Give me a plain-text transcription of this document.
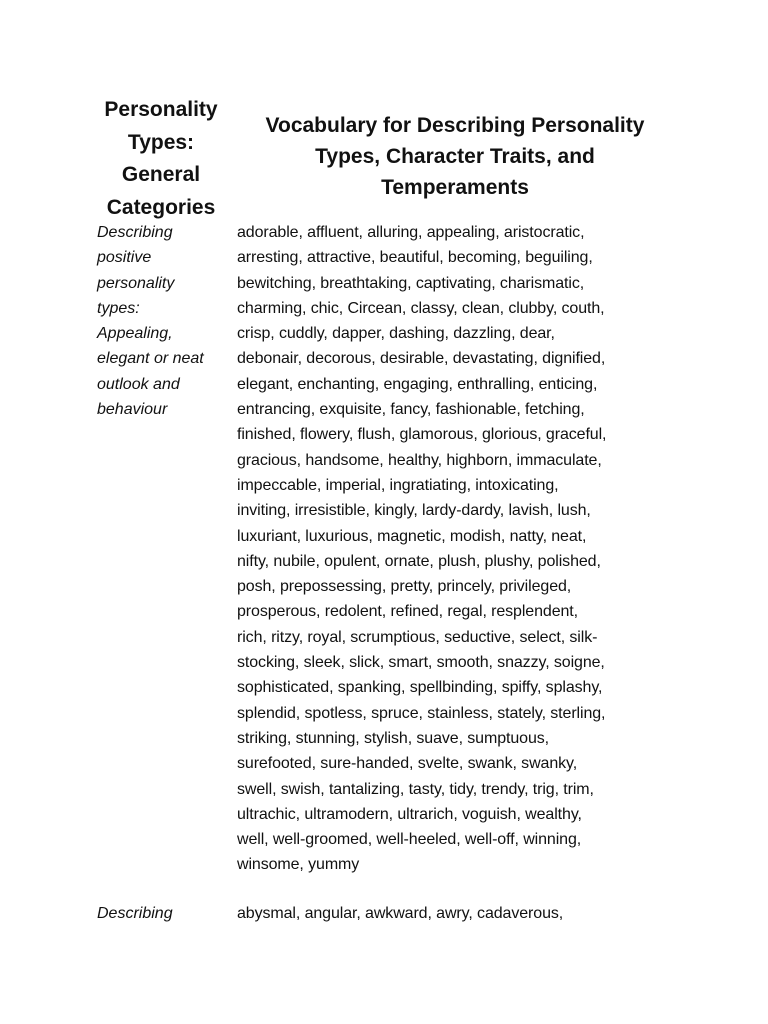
Personality Types: General Categories
Vocabulary for Describing Personality Types, Character Traits, and Temperaments
Describing
positive
personality
types:
Appealing,
elegant or neat
outlook and
behaviour
adorable, affluent, alluring, appealing, aristocratic,
arresting, attractive, beautiful, becoming, beguiling,
bewitching, breathtaking, captivating, charismatic,
charming, chic, Circean, classy, clean, clubby, couth,
crisp, cuddly, dapper, dashing, dazzling, dear,
debonair, decorous, desirable, devastating, dignified,
elegant, enchanting, engaging, enthralling, enticing,
entrancing, exquisite, fancy, fashionable, fetching,
finished, flowery, flush, glamorous, glorious, graceful,
gracious, handsome, healthy, highborn, immaculate,
impeccable, imperial, ingratiating, intoxicating,
inviting, irresistible, kingly, lardy-dardy, lavish, lush,
luxuriant, luxurious, magnetic, modish, natty, neat,
nifty, nubile, opulent, ornate, plush, plushy, polished,
posh, prepossessing, pretty, princely, privileged,
prosperous, redolent, refined, regal, resplendent,
rich, ritzy, royal, scrumptious, seductive, select, silk-
stocking, sleek, slick, smart, smooth, snazzy, soigne,
sophisticated, spanking, spellbinding, spiffy, splashy,
splendid, spotless, spruce, stainless, stately, sterling,
striking, stunning, stylish, suave, sumptuous,
surefooted, sure-handed, svelte, swank, swanky,
swell, swish, tantalizing, tasty, tidy, trendy, trig, trim,
ultrachic, ultramodern, ultrarich, voguish, wealthy,
well, well-groomed, well-heeled, well-off, winning,
winsome, yummy
Describing	abysmal, angular, awkward, awry, cadaverous,
